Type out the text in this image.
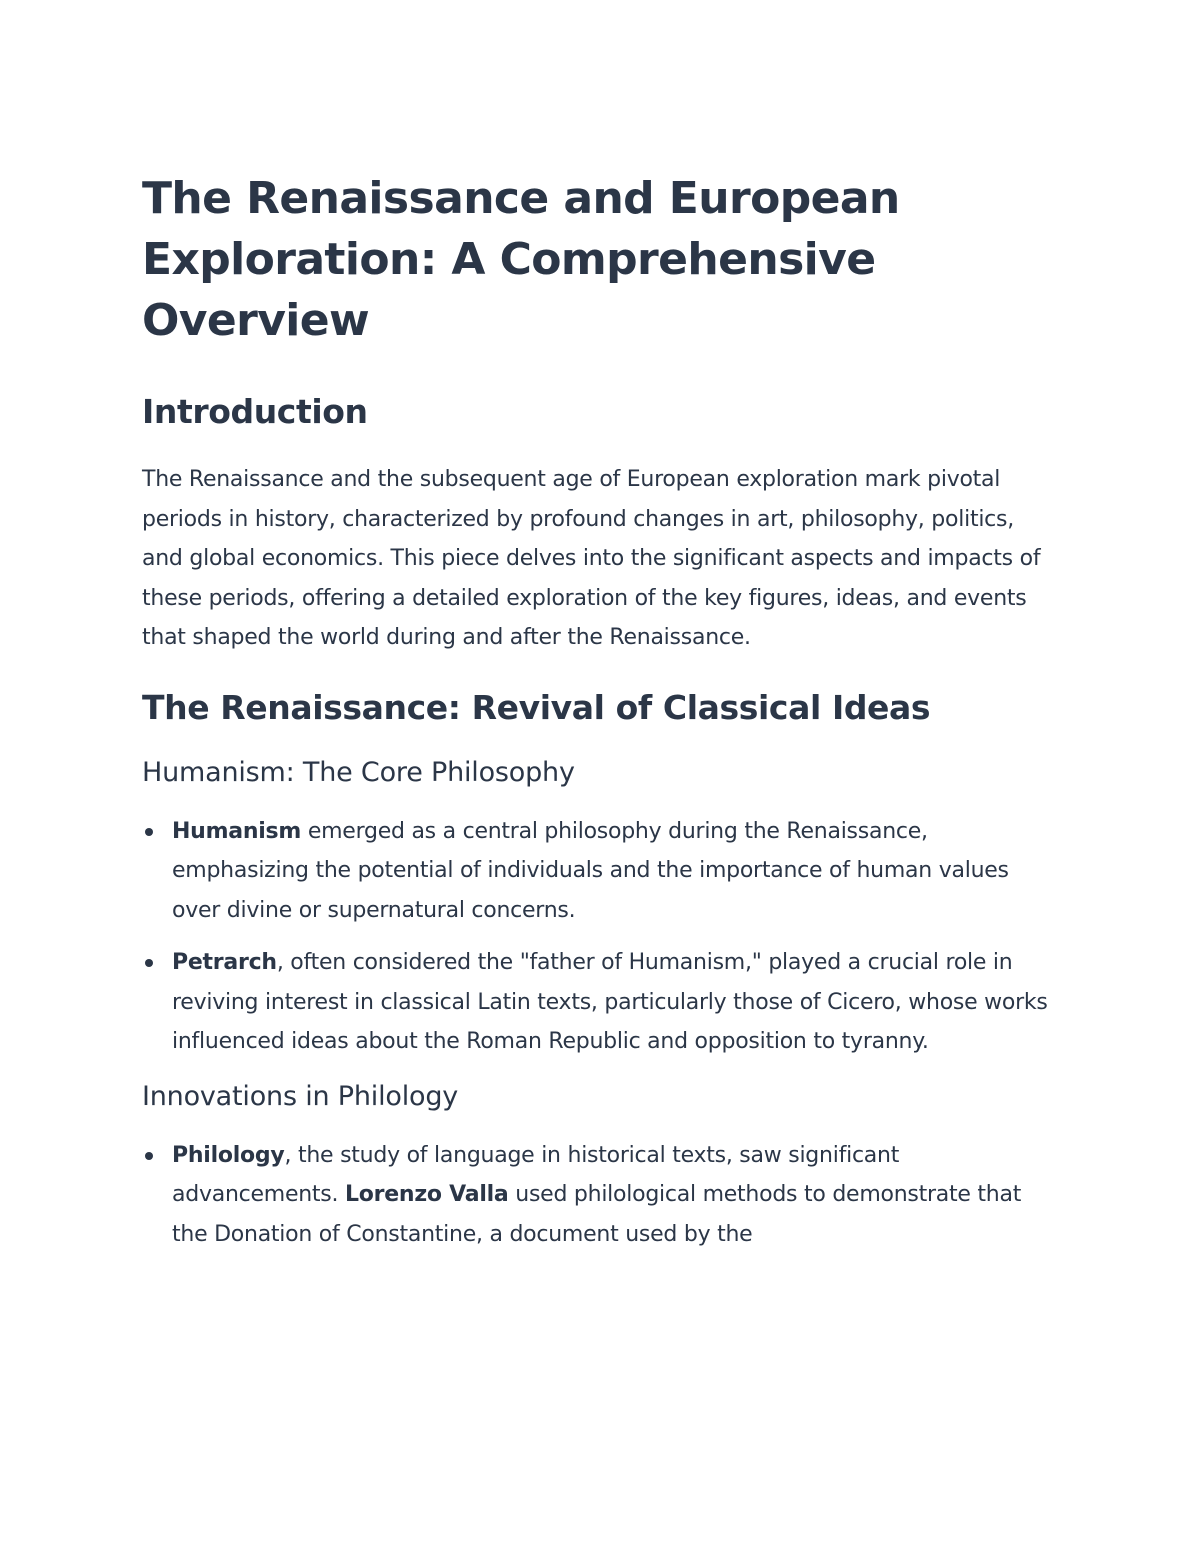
The Renaissance and European Exploration: A Comprehensive Overview
Introduction

The Renaissance and the subsequent age of European exploration mark pivotal periods in history, characterized by profound changes in art, philosophy, politics, and global economics. This piece delves into the significant aspects and impacts of these periods, offering a detailed exploration of the key figures, ideas, and events that shaped the world during and after the Renaissance.

The Renaissance: Revival of Classical Ideas
Humanism: The Core Philosophy
Humanism emerged as a central philosophy during the Renaissance, emphasizing the potential of individuals and the importance of human values over divine or supernatural concerns.
Petrarch, often considered the "father of Humanism," played a crucial role in reviving interest in classical Latin texts, particularly those of Cicero, whose works influenced ideas about the Roman Republic and opposition to tyranny.
Innovations in Philology
Philology, the study of language in historical texts, saw significant advancements. Lorenzo Valla used philological methods to demonstrate that the Donation of Constantine, a document used by the
